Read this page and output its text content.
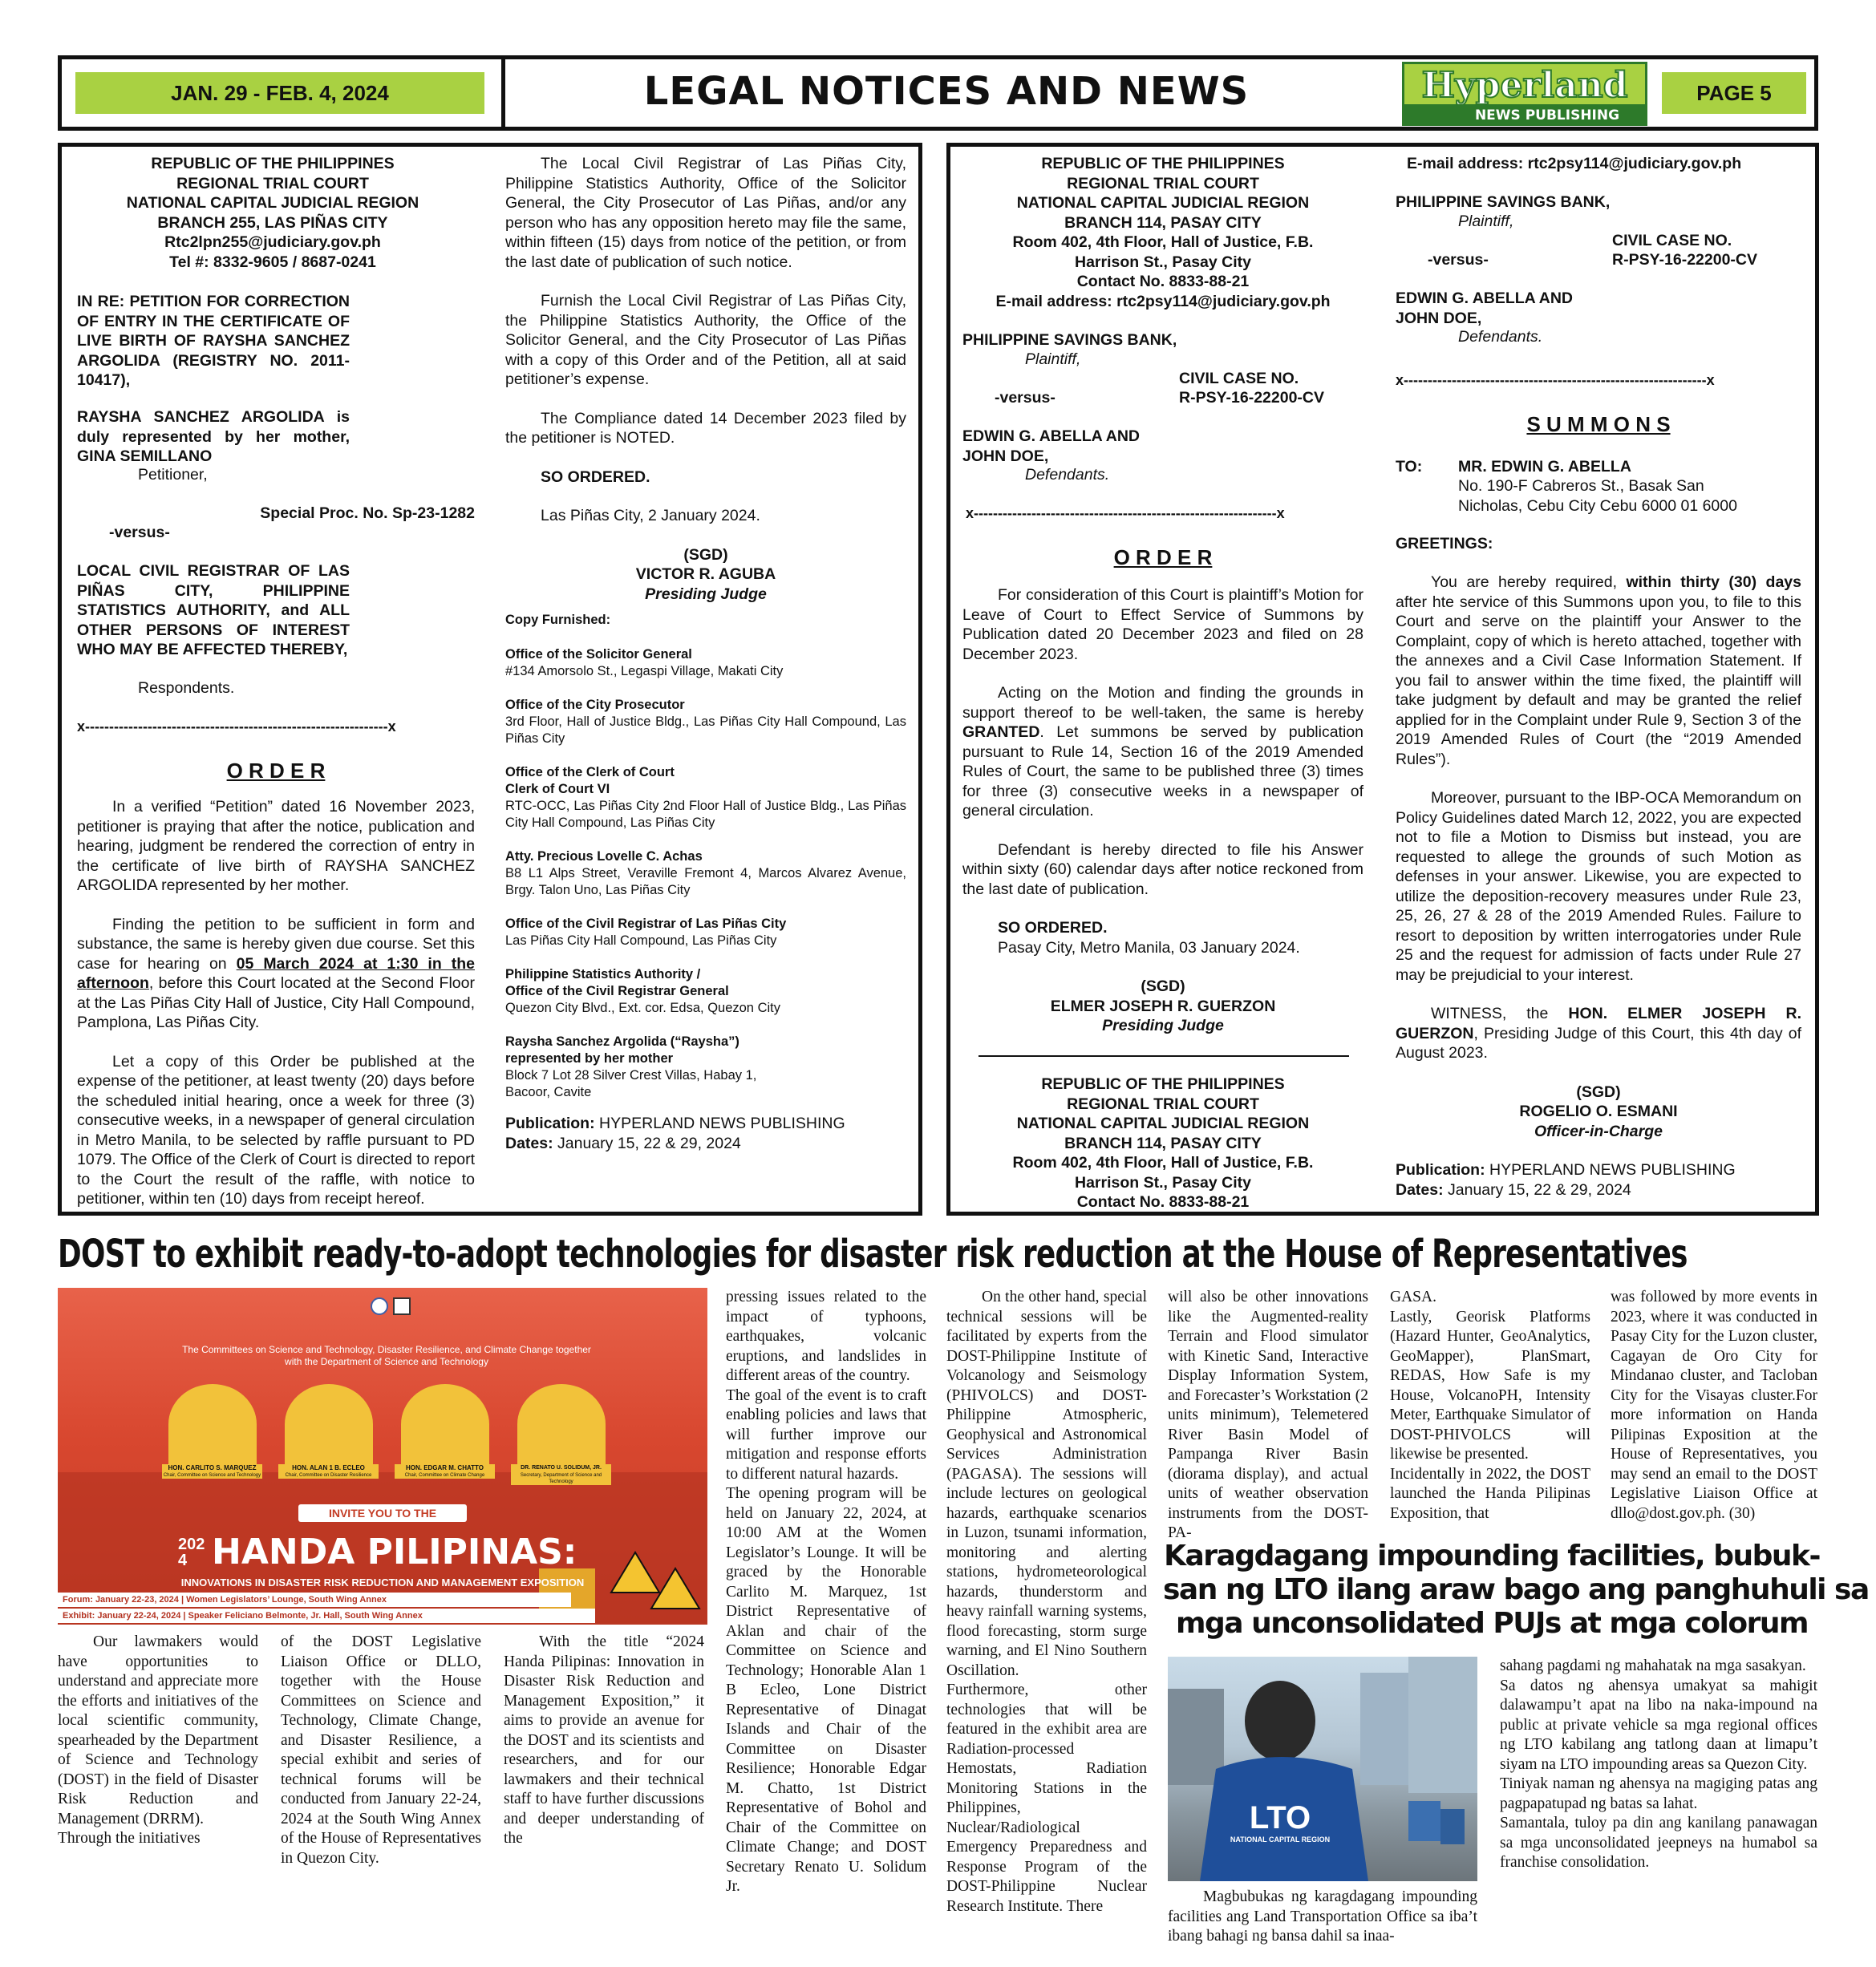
JAN. 29 - FEB. 4, 2024	LEGAL NOTICES AND NEWS	Hyperland
NEWS PUBLISHING
PAGE 5
REPUBLIC OF THE PHILIPPINES
REGIONAL TRIAL COURT
NATIONAL CAPITAL JUDICIAL REGION
BRANCH 255, LAS PIÑAS CITY
Rtc2lpn255@judiciary.gov.ph
Tel #: 8332-9605 / 8687-0241

IN RE: PETITION FOR CORRECTION OF ENTRY IN THE CERTIFICATE OF LIVE BIRTH OF RAYSHA SANCHEZ ARGOLIDA (REGISTRY NO. 2011-10417),

RAYSHA SANCHEZ ARGOLIDA is duly represented by her mother, GINA SEMILLANO

Petitioner,

Special Proc. No. Sp-23-1282

-versus-

LOCAL CIVIL REGISTRAR OF LAS PIÑAS CITY, PHILIPPINE STATISTICS AUTHORITY, and ALL OTHER PERSONS OF INTEREST WHO MAY BE AFFECTED THEREBY,

Respondents.

x---------------------------------------------------------------x

O R D E R

In a verified “Petition” dated 16 November 2023, petitioner is praying that after the notice, publication and hearing, judgment be rendered the correction of entry in the certificate of live birth of RAYSHA SANCHEZ ARGOLIDA represented by her mother.

Finding the petition to be sufficient in form and substance, the same is hereby given due course. Set this case for hearing on 05 March 2024 at 1:30 in the afternoon, before this Court located at the Second Floor at the Las Piñas City Hall of Justice, City Hall Compound, Pamplona, Las Piñas City.

Let a copy of this Order be published at the expense of the petitioner, at least twenty (20) days before the scheduled initial hearing, once a week for three (3) consecutive weeks, in a newspaper of general circulation in Metro Manila, to be selected by raffle pursuant to PD 1079. The Office of the Clerk of Court is directed to report to the Court the result of the raffle, with notice to petitioner, within ten (10) days from receipt hereof.

The Local Civil Registrar of Las Piñas City, Philippine Statistics Authority, Office of the Solicitor General, the City Prosecutor of Las Piñas, and/or any person who has any opposition hereto may file the same, within fifteen (15) days from notice of the petition, or from the last date of publication of such notice.

Furnish the Local Civil Registrar of Las Piñas City, the Philippine Statistics Authority, the Office of the Solicitor General, and the City Prosecutor of Las Piñas with a copy of this Order and of the Petition, all at said petitioner’s expense.

The Compliance dated 14 December 2023 filed by the petitioner is NOTED.

SO ORDERED.

Las Piñas City, 2 January 2024.

(SGD)

VICTOR R. AGUBA

Presiding Judge

Copy Furnished:

Office of the Solicitor General

#134 Amorsolo St., Legaspi Village, Makati City

Office of the City Prosecutor

3rd Floor, Hall of Justice Bldg., Las Piñas City Hall Compound, Las Piñas City

Office of the Clerk of Court
Clerk of Court VI

RTC-OCC, Las Piñas City 2nd Floor Hall of Justice Bldg., Las Piñas City Hall Compound, Las Piñas City

Atty. Precious Lovelle C. Achas

B8 L1 Alps Street, Veraville Fremont 4, Marcos Alvarez Avenue, Brgy. Talon Uno, Las Piñas City

Office of the Civil Registrar of Las Piñas City

Las Piñas City Hall Compound, Las Piñas City

Philippine Statistics Authority /
Office of the Civil Registrar General

Quezon City Blvd., Ext. cor. Edsa, Quezon City

Raysha Sanchez Argolida (“Raysha”)
represented by her mother

Block 7 Lot 28 Silver Crest Villas, Habay 1,
Bacoor, Cavite

Publication: HYPERLAND NEWS PUBLISHING

Dates: January 15, 22 & 29, 2024

REPUBLIC OF THE PHILIPPINES
REGIONAL TRIAL COURT
NATIONAL CAPITAL JUDICIAL REGION
BRANCH 114, PASAY CITY
Room 402, 4th Floor, Hall of Justice, F.B.
Harrison St., Pasay City
Contact No. 8833-88-21
E-mail address: rtc2psy114@judiciary.gov.ph

PHILIPPINE SAVINGS BANK,

Plaintiff,

CIVIL CASE NO.

-versus-	R-PSY-16-22200-CV

EDWIN G. ABELLA AND
JOHN DOE,

Defendants.

x---------------------------------------------------------------x

O R D E R

For consideration of this Court is plaintiff’s Motion for Leave of Court to Effect Service of Summons by Publication dated 20 December 2023 and filed on 28 December 2023.

Acting on the Motion and finding the grounds in support thereof to be well-taken, the same is hereby GRANTED. Let summons be served by publication pursuant to Rule 14, Section 16 of the 2019 Amended Rules of Court, the same to be published three (3) times for three (3) consecutive weeks in a newspaper of general circulation.

Defendant is hereby directed to file his Answer within sixty (60) calendar days after notice reckoned from the last date of publication.

SO ORDERED.

Pasay City, Metro Manila, 03 January 2024.

(SGD)

ELMER JOSEPH R. GUERZON

Presiding Judge

REPUBLIC OF THE PHILIPPINES
REGIONAL TRIAL COURT
NATIONAL CAPITAL JUDICIAL REGION
BRANCH 114, PASAY CITY
Room 402, 4th Floor, Hall of Justice, F.B.
Harrison St., Pasay City
Contact No. 8833-88-21

E-mail address: rtc2psy114@judiciary.gov.ph

PHILIPPINE SAVINGS BANK,

Plaintiff,

CIVIL CASE NO.

-versus-	R-PSY-16-22200-CV

EDWIN G. ABELLA AND
JOHN DOE,

Defendants.

x---------------------------------------------------------------x

S U M M O N S

TO: MR. EDWIN G. ABELLA

No. 190-F Cabreros St., Basak San
Nicholas, Cebu City Cebu 6000 01 6000

GREETINGS:

You are hereby required, within thirty (30) days after hte service of this Summons upon you, to file to this Court and serve on the plaintiff your Answer to the Complaint, copy of which is hereto attached, together with the annexes and a Civil Case Information Statement. If you fail to answer within the time fixed, the plaintiff will take judgment by default and may be granted the relief applied for in the Complaint under Rule 9, Section 3 of the 2019 Amended Rules of Court (the “2019 Amended Rules”).

Moreover, pursuant to the IBP-OCA Memorandum on Policy Guidelines dated March 12, 2022, you are expected not to file a Motion to Dismiss but instead, you are requested to allege the grounds of such Motion as defenses in your answer. Likewise, you are expected to utilize the deposition-recovery measures under Rule 23, 25, 26, 27 & 28 of the 2019 Amended Rules. Failure to resort to deposition by written interrogatories under Rule 25 and the request for admission of facts under Rule 27 may be prejudicial to your interest.

WITNESS, the HON. ELMER JOSEPH R. GUERZON, Presiding Judge of this Court, this 4th day of August 2023.

(SGD)

ROGELIO O. ESMANI

Officer-in-Charge

Publication: HYPERLAND NEWS PUBLISHING

Dates: January 15, 22 & 29, 2024

DOST to exhibit ready-to-adopt technologies for disaster risk reduction at the House of Representatives

The Committees on Science and Technology, Disaster Resilience, and Climate Change together with the Department of Science and Technology

HON. CARLITO S. MARQUEZ

Chair, Committee on Science and Technology

HON. ALAN 1 B. ECLEO

Chair, Committee on Disaster Resilience

HON. EDGAR M. CHATTO

Chair, Committee on Climate Change

DR. RENATO U. SOLIDUM, JR.

Secretary, Department of Science and Technology

INVITE YOU TO THE

2024 HANDA PILIPINAS:

INNOVATIONS IN DISASTER RISK REDUCTION AND MANAGEMENT EXPOSITION

Forum: January 22-23, 2024 | Women Legislators’ Lounge, South Wing Annex

Exhibit: January 22-24, 2024 | Speaker Feliciano Belmonte, Jr. Hall, South Wing Annex

Our lawmakers would have opportunities to understand and appreciate more the efforts and initiatives of the local scientific community, spearheaded by the Department of Science and Technology (DOST) in the field of Disaster Risk Reduction and Management (DRRM).
Through the initiatives

of the DOST Legislative Liaison Office or DLLO, together with the House Committees on Science and Technology, Climate Change, and Disaster Resilience, a special exhibit and series of technical forums will be conducted from January 22-24, 2024 at the South Wing Annex of the House of Representatives in Quezon City.

With the title “2024 Handa Pilipinas: Innovation in Disaster Risk Reduction and Management Exposition,” it aims to provide an avenue for the DOST and its scientists and researchers, and for our lawmakers and their technical staff to have further discussions and deeper understanding of the

pressing issues related to the impact of typhoons, earthquakes, volcanic eruptions, and landslides in different areas of the country.
The goal of the event is to craft enabling policies and laws that will further improve our mitigation and response efforts to different natural hazards.
The opening program will be held on January 22, 2024, at 10:00 AM at the Women Legislator’s Lounge. It will be graced by the Honorable Carlito M. Marquez, 1st District Representative of Aklan and chair of the Committee on Science and Technology; Honorable Alan 1 B Ecleo, Lone District Representative of Dinagat Islands and Chair of the Committee on Disaster Resilience; Honorable Edgar M. Chatto, 1st District Representative of Bohol and Chair of the Committee on Climate Change; and DOST Secretary Renato U. Solidum Jr.

On the other hand, special technical sessions will be facilitated by experts from the DOST-Philippine Institute of Volcanology and Seismology (PHIVOLCS) and DOST-Philippine Atmospheric, Geophysical and Astronomical Services Administration (PAGASA). The sessions will include lectures on geological hazards, earthquake scenarios in Luzon, tsunami information, monitoring and alerting stations, hydrometeorological hazards, thunderstorm and heavy rainfall warning systems, flood forecasting, storm surge warning, and El Nino Southern Oscillation.
Furthermore, other technologies that will be featured in the exhibit area are Radiation-processed Hemostats, Radiation Monitoring Stations in the Philippines, Nuclear/Radiological Emergency Preparedness and Response Program of the DOST-Philippine Nuclear Research Institute. There

will also be other innovations like the Augmented-reality Terrain and Flood simulator with Kinetic Sand, Interactive Display Information System, and Forecaster’s Workstation (2 units minimum), Telemetered River Basin Model of Pampanga River Basin (diorama display), and actual units of weather observation instruments from the DOST-PA-

GASA.
Lastly, Georisk Platforms (Hazard Hunter, GeoAnalytics, GeoMapper), PlanSmart, REDAS, How Safe is my House, VolcanoPH, Intensity Meter, Earthquake Simulator of DOST-PHIVOLCS will likewise be presented.
Incidentally in 2022, the DOST launched the Handa Pilipinas Exposition, that

was followed by more events in 2023, where it was conducted in Pasay City for the Luzon cluster, Cagayan de Oro City for Mindanao cluster, and Tacloban City for the Visayas cluster.For more information on Handa Pilipinas Exposition at the House of Representatives, you may send an email to the DOST Legislative Liaison Office at dllo@dost.gov.ph. (30)

Karagdagang impounding facilities, bubuk-

san ng LTO ilang araw bago ang panghuhuli sa

mga unconsolidated PUJs at mga colorum

LTO

NATIONAL CAPITAL REGION

Magbubukas ng karagdagang impounding facilities ang Land Transportation Office sa iba’t ibang bahagi ng bansa dahil sa inaa-

sahang pagdami ng mahahatak na mga sasakyan.
Sa datos ng ahensya umakyat sa mahigit dalawampu’t apat na libo na naka-impound na public at private vehicle sa mga regional offices ng LTO kabilang ang tatlong daan at limapu’t siyam na LTO impounding areas sa Quezon City.
Tiniyak naman ng ahensya na magiging patas ang pagpapatupad ng batas sa lahat.
Samantala, tuloy pa din ang kanilang panawagan sa mga unconsolidated jeepneys na humabol sa franchise consolidation.
